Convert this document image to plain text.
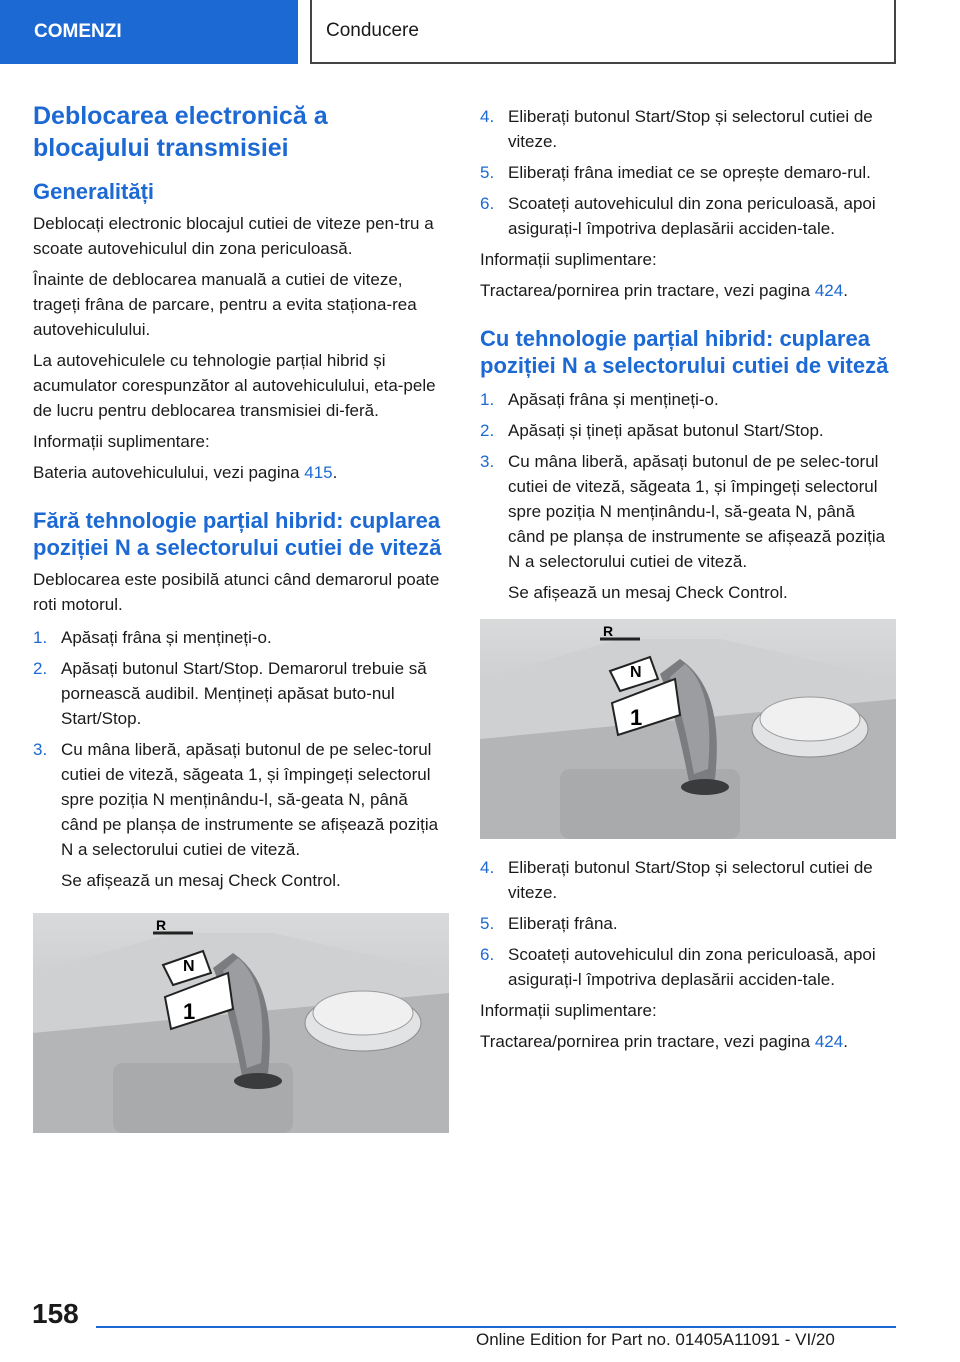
COMENZI	Conducere
Deblocarea electronică a blocajului transmisiei
Generalități
Deblocați electronic blocajul cutiei de viteze pen-tru a scoate autovehiculul din zona periculoasă.
Înainte de deblocarea manuală a cutiei de viteze, trageți frâna de parcare, pentru a evita staționa-rea autovehiculului.
La autovehiculele cu tehnologie parțial hibrid și acumulator corespunzător al autovehiculului, eta-pele de lucru pentru deblocarea transmisiei di-feră.
Informații suplimentare:
Bateria autovehiculului, vezi pagina 415.
Fără tehnologie parțial hibrid: cuplarea poziției N a selectorului cutiei de viteză
Deblocarea este posibilă atunci când demarorul poate roti motorul.
1. Apăsați frâna și mențineți-o.
2. Apăsați butonul Start/Stop. Demarorul trebuie să pornească audibil. Mențineți apăsat buto-nul Start/Stop.
3. Cu mâna liberă, apăsați butonul de pe selec-torul cutiei de viteză, săgeata 1, și împingeți selectorul spre poziția N menținându-l, să-geata N, până când pe planșa de instrumente se afișează poziția N a selectorului cutiei de viteză.
Se afișează un mesaj Check Control.
R
N
1
4. Eliberați butonul Start/Stop și selectorul cutiei de viteze.
5. Eliberați frâna imediat ce se oprește demaro-rul.
6. Scoateți autovehiculul din zona periculoasă, apoi asigurați-l împotriva deplasării acciden-tale.
Informații suplimentare:
Tractarea/pornirea prin tractare, vezi pagina 424.
Cu tehnologie parțial hibrid: cuplarea poziției N a selectorului cutiei de viteză
1. Apăsați frâna și mențineți-o.
2. Apăsați și țineți apăsat butonul Start/Stop.
3. Cu mâna liberă, apăsați butonul de pe selec-torul cutiei de viteză, săgeata 1, și împingeți selectorul spre poziția N menținându-l, să-geata N, până când pe planșa de instrumente se afișează poziția N a selectorului cutiei de viteză.
Se afișează un mesaj Check Control.
R
N
1
4. Eliberați butonul Start/Stop și selectorul cutiei de viteze.
5. Eliberați frâna.
6. Scoateți autovehiculul din zona periculoasă, apoi asigurați-l împotriva deplasării acciden-tale.
Informații suplimentare:
Tractarea/pornirea prin tractare, vezi pagina 424.
158
Online Edition for Part no. 01405A11091 - VI/20
